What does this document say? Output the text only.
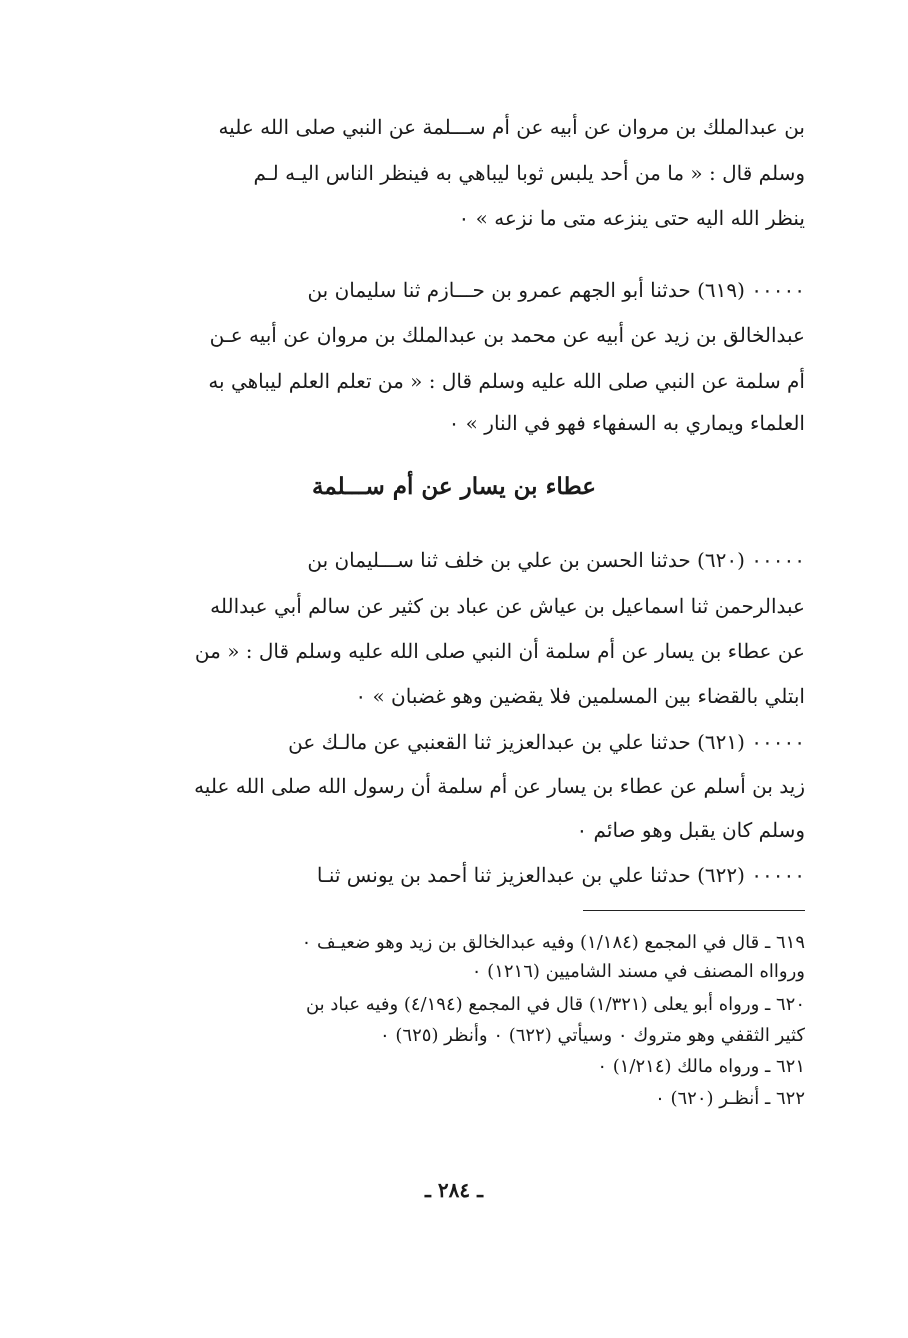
بن عبدالملك بن مروان عن أبيه عن أم ســـلمة عن النبي صلى الله عليه
وسلم قال : « ما من أحد يلبس ثوبا ليباهي به فينظر الناس اليـه لـم
ينظر الله اليه حتى ينزعه متى ما نزعه » ٠
٠٠٠٠٠ (٦١٩) حدثنا أبو الجهم عمرو بن حـــازم ثنا سليمان بن
عبدالخالق بن زيد عن أبيه عن محمد بن عبدالملك بن مروان عن أبيه عـن
أم سلمة عن النبي صلى الله عليه وسلم قال : « من تعلم العلم ليباهي به
العلماء ويماري به السفهاء فهو في النار » ٠
عطاء بن يسار عن أم ســـلمة
٠٠٠٠٠ (٦٢٠) حدثنا الحسن بن علي بن خلف ثنا ســـليمان بن
عبدالرحمن ثنا اسماعيل بن عياش عن عباد بن كثير عن سالم أبي عبدالله
عن عطاء بن يسار عن أم سلمة أن النبي صلى الله عليه وسلم قال : « من
ابتلي بالقضاء بين المسلمين فلا يقضين وهو غضبان » ٠
٠٠٠٠٠ (٦٢١) حدثنا علي بن عبدالعزيز ثنا القعنبي عن مالـك عن
زيد بن أسلم عن عطاء بن يسار عن أم سلمة أن رسول الله صلى الله عليه
وسلم كان يقبل وهو صائم ٠
٠٠٠٠٠ (٦٢٢) حدثنا علي بن عبدالعزيز ثنا أحمد بن يونس ثنـا
٦١٩ ـ قال في المجمع (١/١٨٤) وفيه عبدالخالق بن زيد وهو ضعيـف ٠
وروااه المصنف في مسند الشاميين (١٢١٦) ٠
٦٢٠ ـ ورواه أبو يعلى (١/٣٢١) قال في المجمع (٤/١٩٤) وفيه عباد بن
كثير الثقفي وهو متروك ٠ وسيأتي (٦٢٢) ٠ وأنظر (٦٢٥) ٠
٦٢١ ـ ورواه مالك (١/٢١٤) ٠
٦٢٢ ـ أنظـر (٦٢٠) ٠
ـ ٢٨٤ ـ
